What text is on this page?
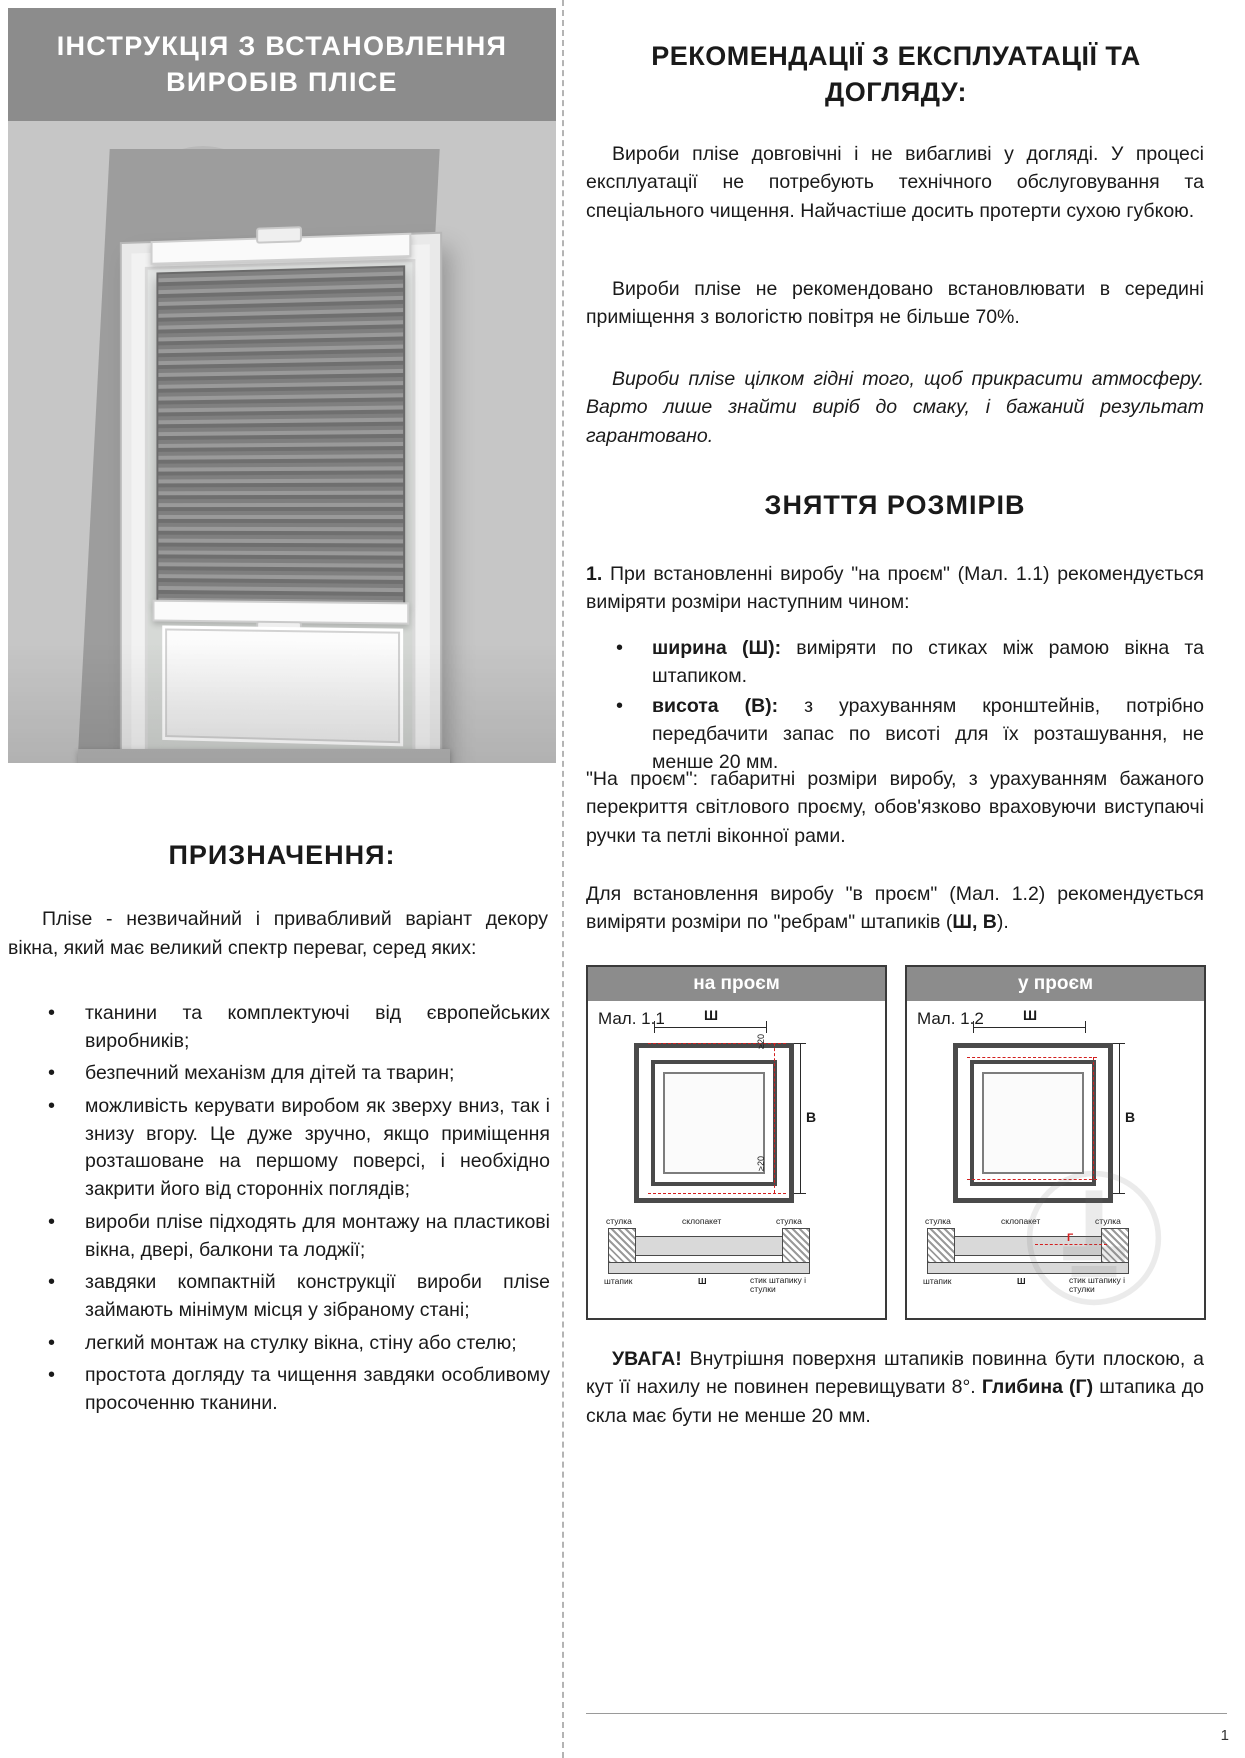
ІНСТРУКЦІЯ З ВСТАНОВЛЕННЯ ВИРОБІВ ПЛІСЕ
ПРИЗНАЧЕННЯ:
Пліse - незвичайний і привабливий варіант декору вікна, який має великий спектр переваг, серед яких:
• тканини та комплектуючі від європейських виробників;
• безпечний механізм для дітей та тварин;
• можливість керувати виробом як зверху вниз, так і знизу вгору. Це дуже зручно, якщо приміщення розташоване на першому поверсі, і необхідно закрити його від сторонніх поглядів;
• вироби пліse підходять для монтажу на пластикові вікна, двері, балкони та лоджії;
• завдяки компактній конструкції вироби пліse займають мінімум місця у зібраному стані;
• легкий монтаж на стулку вікна, стіну або стелю;
• простота догляду та чищення завдяки особливому просоченню тканини.
РЕКОМЕНДАЦІЇ З ЕКСПЛУАТАЦІЇ ТА ДОГЛЯДУ:
Вироби пліse довговічні і не вибагливі у догляді. У процесі експлуатації не потребують технічного обслуговування та спеціального чищення. Найчастіше досить протерти сухою губкою.
Вироби пліse не рекомендовано встановлювати в середині приміщення з вологістю повітря не більше 70%.
Вироби пліse цілком гідні того, щоб прикрасити атмосферу. Варто лише знайти виріб до смаку, і бажаний результат гарантовано.
ЗНЯТТЯ РОЗМІРІВ
1. При встановленні виробу "на проєм" (Мал. 1.1) рекомендується виміряти розміри наступним чином:
• ширина (Ш): виміряти по стиках між рамою вікна та штапиком.
• висота (В): з урахуванням кронштейнів, потрібно передбачити запас по висоті для їх розташування, не менше 20 мм.
"На проєм": габаритні розміри виробу, з урахуванням бажаного перекриття світлового проєму, обов'язково враховуючи виступаючі ручки та петлі віконної рами.
Для встановлення виробу "в проєм" (Мал. 1.2) рекомендується виміряти розміри по "ребрам" штапиків (Ш, В).
на проєм
Мал. 1.1	Ш
В
≥20
≥20
стулка	склопакет	стулка
штапик	Ш	стик штапику і стулки
у проєм
Мал. 1.2	Ш
В
Г
стулка	склопакет	стулка
штапик	Ш	стик штапику і стулки
УВАГА! Внутрішня поверхня штапиків повинна бути плоскою, а кут її нахилу не повинен перевищувати 8°. Глибина (Г) штапика до скла має бути не менше 20 мм.
1
